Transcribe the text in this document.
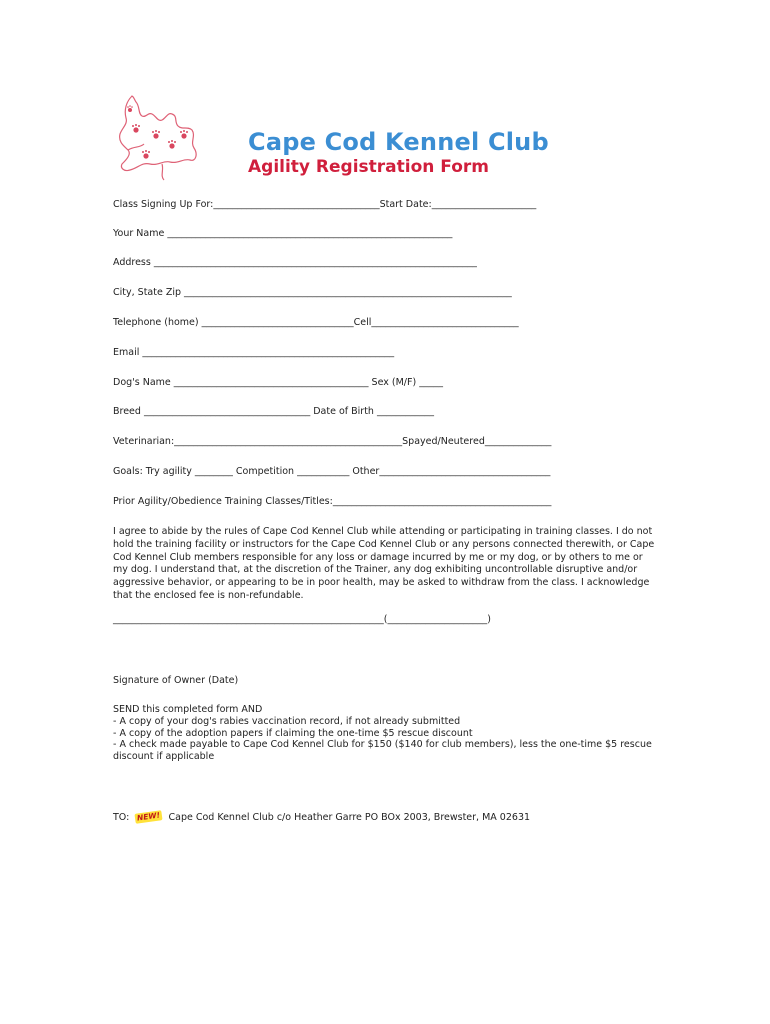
Cape Cod Kennel Club
Agility Registration Form
Class Signing Up For:___________________________________Start Date:______________________
Your Name ____________________________________________________________
Address ____________________________________________________________________
City, State Zip _____________________________________________________________________
Telephone (home) ________________________________Cell_______________________________
Email _____________________________________________________
Dog's Name _________________________________________ Sex (M/F) _____
Breed ___________________________________ Date of Birth ____________
Veterinarian:________________________________________________Spayed/Neutered______________
Goals: Try agility ________ Competition ___________ Other____________________________________
Prior Agility/Obedience Training Classes/Titles:______________________________________________
I agree to abide by the rules of Cape Cod Kennel Club while attending or participating in training classes. I do not
hold the training facility or instructors for the Cape Cod Kennel Club or any persons connected therewith, or Cape
Cod Kennel Club members responsible for any loss or damage incurred by me or my dog, or by others to me or
my dog. I understand that, at the discretion of the Trainer, any dog exhibiting uncontrollable disruptive and/or
aggressive behavior, or appearing to be in poor health, may be asked to withdraw from the class. I acknowledge
that the enclosed fee is non-refundable.
_________________________________________________________(_____________________)
Signature of Owner (Date)
SEND this completed form AND
- A copy of your dog's rabies vaccination record, if not already submitted
- A copy of the adoption papers if claiming the one-time $5 rescue discount
- A check made payable to Cape Cod Kennel Club for $150 ($140 for club members), less the one-time $5 rescue
discount if applicable
TO: NEW! Cape Cod Kennel Club c/o Heather Garre PO BOx 2003, Brewster, MA 02631
